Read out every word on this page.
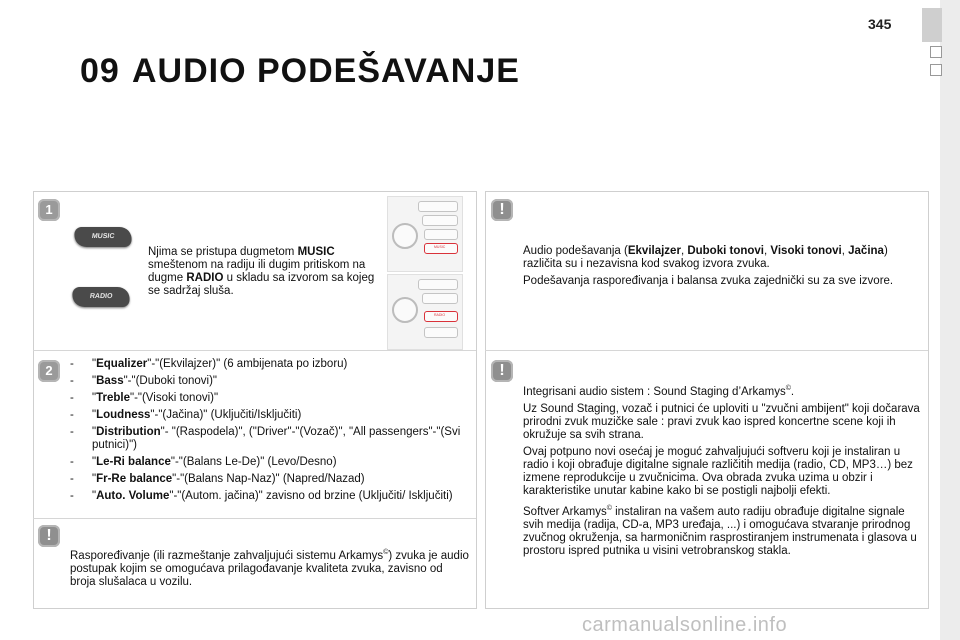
345
09 AUDIO PODEŠAVANJE
1
MUSIC
RADIO
Njima se pristupa dugmetom MUSIC
smeštenom na radiju ili dugim pritiskom na dugme RADIO u skladu sa izvorom sa kojeg se sadržaj sluša.
MUSIC
RADIO
2	- "Equalizer"-"(Ekvilajzer)" (6 ambijenata po izboru)
- "Bass"-"(Duboki tonovi)"
- "Treble"-"(Visoki tonovi)"
- "Loudness"-"(Jačina)" (Uključiti/Isključiti)
- "Distribution"- "(Raspodela)", ("Driver"-"(Vozač)", "All passengers"-"(Svi putnici)")
- "Le-Ri balance"-"(Balans Le-De)" (Levo/Desno)
- "Fr-Re balance"-"(Balans Nap-Naz)" (Napred/Nazad)
- "Auto. Volume"-"(Autom. jačina)" zavisno od brzine (Uključiti/ Isključiti)
!
Raspoređivanje (ili razmeštanje zahvaljujući sistemu Arkamys©) zvuka je audio postupak kojim se omogućava prilagođavanje kvaliteta zvuka, zavisno od broja slušalaca u vozilu.
!

Audio podešavanja (Ekvilajzer, Duboki tonovi, Visoki tonovi, Jačina) različita su i nezavisna kod svakog izvora zvuka.

Podešavanja raspoređivanja i balansa zvuka zajednički su za sve izvore.

!

Integrisani audio sistem : Sound Staging d’Arkamys©.

Uz Sound Staging, vozač i putnici će uploviti u "zvučni ambijent" koji dočarava prirodni zvuk muzičke sale : pravi zvuk kao ispred koncertne scene koji ih okružuje sa svih strana.

Ovaj potpuno novi osećaj je moguć zahvaljujući softveru koji je instaliran u radio i koji obrađuje digitalne signale različitih medija (radio, CD, MP3…) bez izmene reprodukcije u zvučnicima. Ova obrada zvuka uzima u obzir i karakteristike unutar kabine kako bi se postigli najbolji efekti.

Softver Arkamys© instaliran na vašem auto radiju obrađuje digitalne signale svih medija (radija, CD-a, MP3 uređaja, ...) i omogućava stvaranje prirodnog zvučnog okruženja, sa harmoničnim rasprostiranjem instrumenata i glasova u prostoru ispred putnika u visini vetrobranskog stakla.

carmanualsonline.info
